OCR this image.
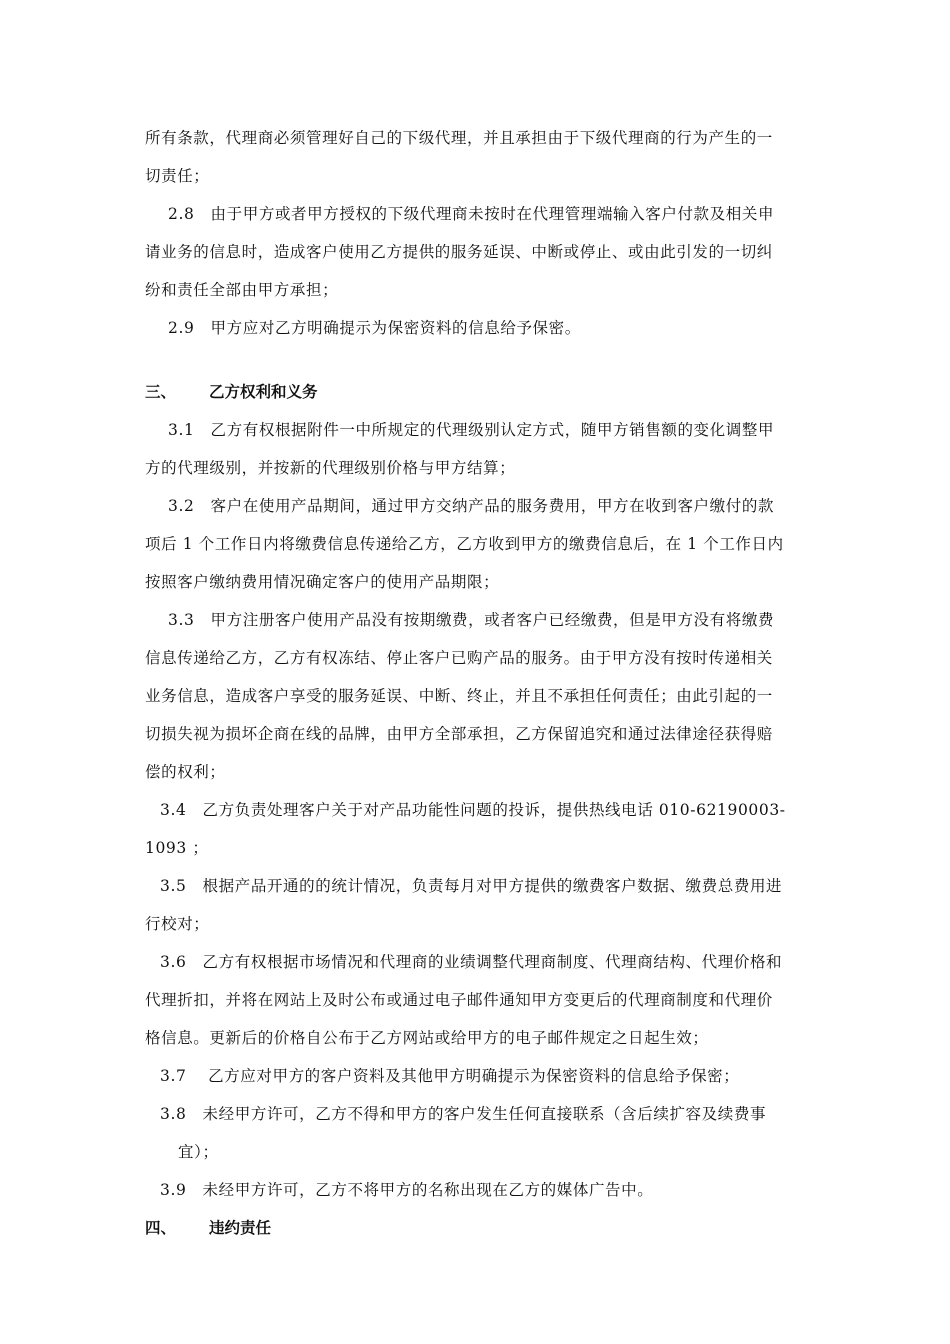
所有条款，代理商必须管理好自己的下级代理，并且承担由于下级代理商的行为产生的一
切责任；
2.8　由于甲方或者甲方授权的下级代理商未按时在代理管理端输入客户付款及相关申
请业务的信息时，造成客户使用乙方提供的服务延误、中断或停止、或由此引发的一切纠
纷和责任全部由甲方承担；
2.9　甲方应对乙方明确提示为保密资料的信息给予保密。
三、 乙方权利和义务
3.1　乙方有权根据附件一中所规定的代理级别认定方式，随甲方销售额的变化调整甲
方的代理级别，并按新的代理级别价格与甲方结算；
3.2　客户在使用产品期间，通过甲方交纳产品的服务费用，甲方在收到客户缴付的款
项后 1 个工作日内将缴费信息传递给乙方，乙方收到甲方的缴费信息后，在 1 个工作日内
按照客户缴纳费用情况确定客户的使用产品期限；
3.3　甲方注册客户使用产品没有按期缴费，或者客户已经缴费，但是甲方没有将缴费
信息传递给乙方，乙方有权冻结、停止客户已购产品的服务。由于甲方没有按时传递相关
业务信息，造成客户享受的服务延误、中断、终止，并且不承担任何责任；由此引起的一
切损失视为损坏企商在线的品牌，由甲方全部承担，乙方保留追究和通过法律途径获得赔
偿的权利；
3.4　乙方负责处理客户关于对产品功能性问题的投诉，提供热线电话 010-62190003-
1093 ；
3.5　根据产品开通的的统计情况，负责每月对甲方提供的缴费客户数据、缴费总费用进
行校对；
3.6　乙方有权根据市场情况和代理商的业绩调整代理商制度、代理商结构、代理价格和
代理折扣，并将在网站上及时公布或通过电子邮件通知甲方变更后的代理商制度和代理价
格信息。更新后的价格自公布于乙方网站或给甲方的电子邮件规定之日起生效；
3.7　 乙方应对甲方的客户资料及其他甲方明确提示为保密资料的信息给予保密；
3.8　未经甲方许可，乙方不得和甲方的客户发生任何直接联系（含后续扩容及续费事
宜）；
3.9　未经甲方许可，乙方不将甲方的名称出现在乙方的媒体广告中。
四、 违约责任
